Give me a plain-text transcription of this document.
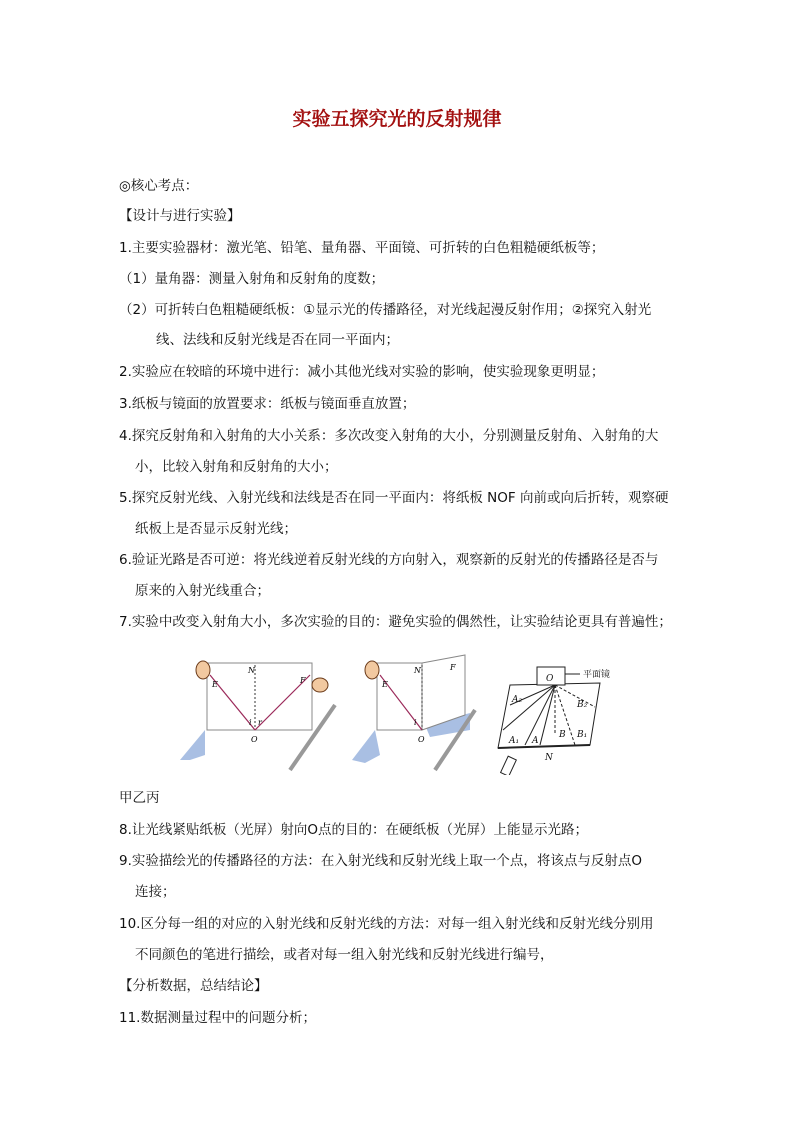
实验五探究光的反射规律
◎核心考点：
【设计与进行实验】
1.主要实验器材：激光笔、铅笔、量角器、平面镜、可折转的白色粗糙硬纸板等；
（1）量角器：测量入射角和反射角的度数；
（2）可折转白色粗糙硬纸板：①显示光的传播路径，对光线起漫反射作用；②探究入射光
线、法线和反射光线是否在同一平面内；
2.实验应在较暗的环境中进行：减小其他光线对实验的影响，使实验现象更明显；
3.纸板与镜面的放置要求：纸板与镜面垂直放置；
4.探究反射角和入射角的大小关系：多次改变入射角的大小，分别测量反射角、入射角的大
小，比较入射角和反射角的大小；
5.探究反射光线、入射光线和法线是否在同一平面内：将纸板 NOF 向前或向后折转，观察硬
纸板上是否显示反射光线；
6.验证光路是否可逆：将光线逆着反射光线的方向射入，观察新的反射光的传播路径是否与
原来的入射光线重合；
7.实验中改变入射角大小，多次实验的目的：避免实验的偶然性，让实验结论更具有普遍性；
E
N
F
i r
O
E
N	F
i
O
O	平面镜
A₂
A₁ A
B B₁
B₂
N
甲乙丙
8.让光线紧贴纸板（光屏）射向O点的目的：在硬纸板（光屏）上能显示光路；
9.实验描绘光的传播路径的方法：在入射光线和反射光线上取一个点，将该点与反射点O
连接；
10.区分每一组的对应的入射光线和反射光线的方法：对每一组入射光线和反射光线分别用
不同颜色的笔进行描绘，或者对每一组入射光线和反射光线进行编号，
【分析数据，总结结论】
11.数据测量过程中的问题分析；
